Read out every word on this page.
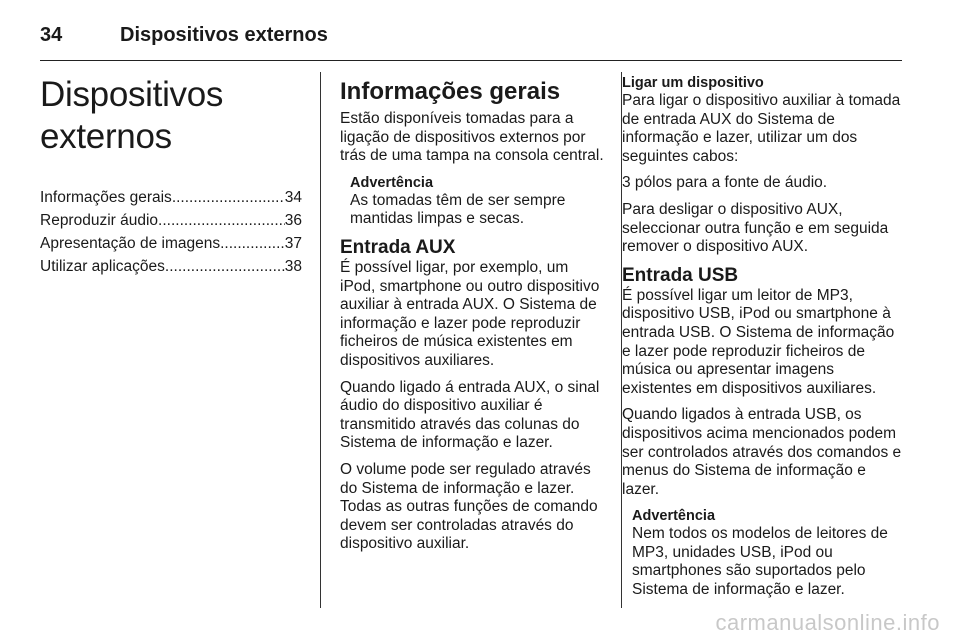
34	Dispositivos externos
Dispositivos externos
Informações gerais .....	34
Reproduzir áudio .....	36
Apresentação de imagens .....	37
Utilizar aplicações .....	38
Informações gerais

Estão disponíveis tomadas para a ligação de dispositivos externos por trás de uma tampa na consola central.

Advertência

As tomadas têm de ser sempre mantidas limpas e secas.

Entrada AUX

É possível ligar, por exemplo, um iPod, smartphone ou outro dispositivo auxiliar à entrada AUX. O Sistema de informação e lazer pode reproduzir ficheiros de música existentes em dispositivos auxiliares.

Quando ligado á entrada AUX, o sinal áudio do dispositivo auxiliar é transmitido através das colunas do Sistema de informação e lazer.

O volume pode ser regulado através do Sistema de informação e lazer. Todas as outras funções de comando devem ser controladas através do dispositivo auxiliar.

Ligar um dispositivo

Para ligar o dispositivo auxiliar à tomada de entrada AUX do Sistema de informação e lazer, utilizar um dos seguintes cabos:

3 pólos para a fonte de áudio.

Para desligar o dispositivo AUX, seleccionar outra função e em seguida remover o dispositivo AUX.

Entrada USB

É possível ligar um leitor de MP3, dispositivo USB, iPod ou smartphone à entrada USB. O Sistema de informação e lazer pode reproduzir ficheiros de música ou apresentar imagens existentes em dispositivos auxiliares.

Quando ligados à entrada USB, os dispositivos acima mencionados podem ser controlados através dos comandos e menus do Sistema de informação e lazer.

Advertência

Nem todos os modelos de leitores de MP3, unidades USB, iPod ou smartphones são suportados pelo Sistema de informação e lazer.

carmanualsonline.info
